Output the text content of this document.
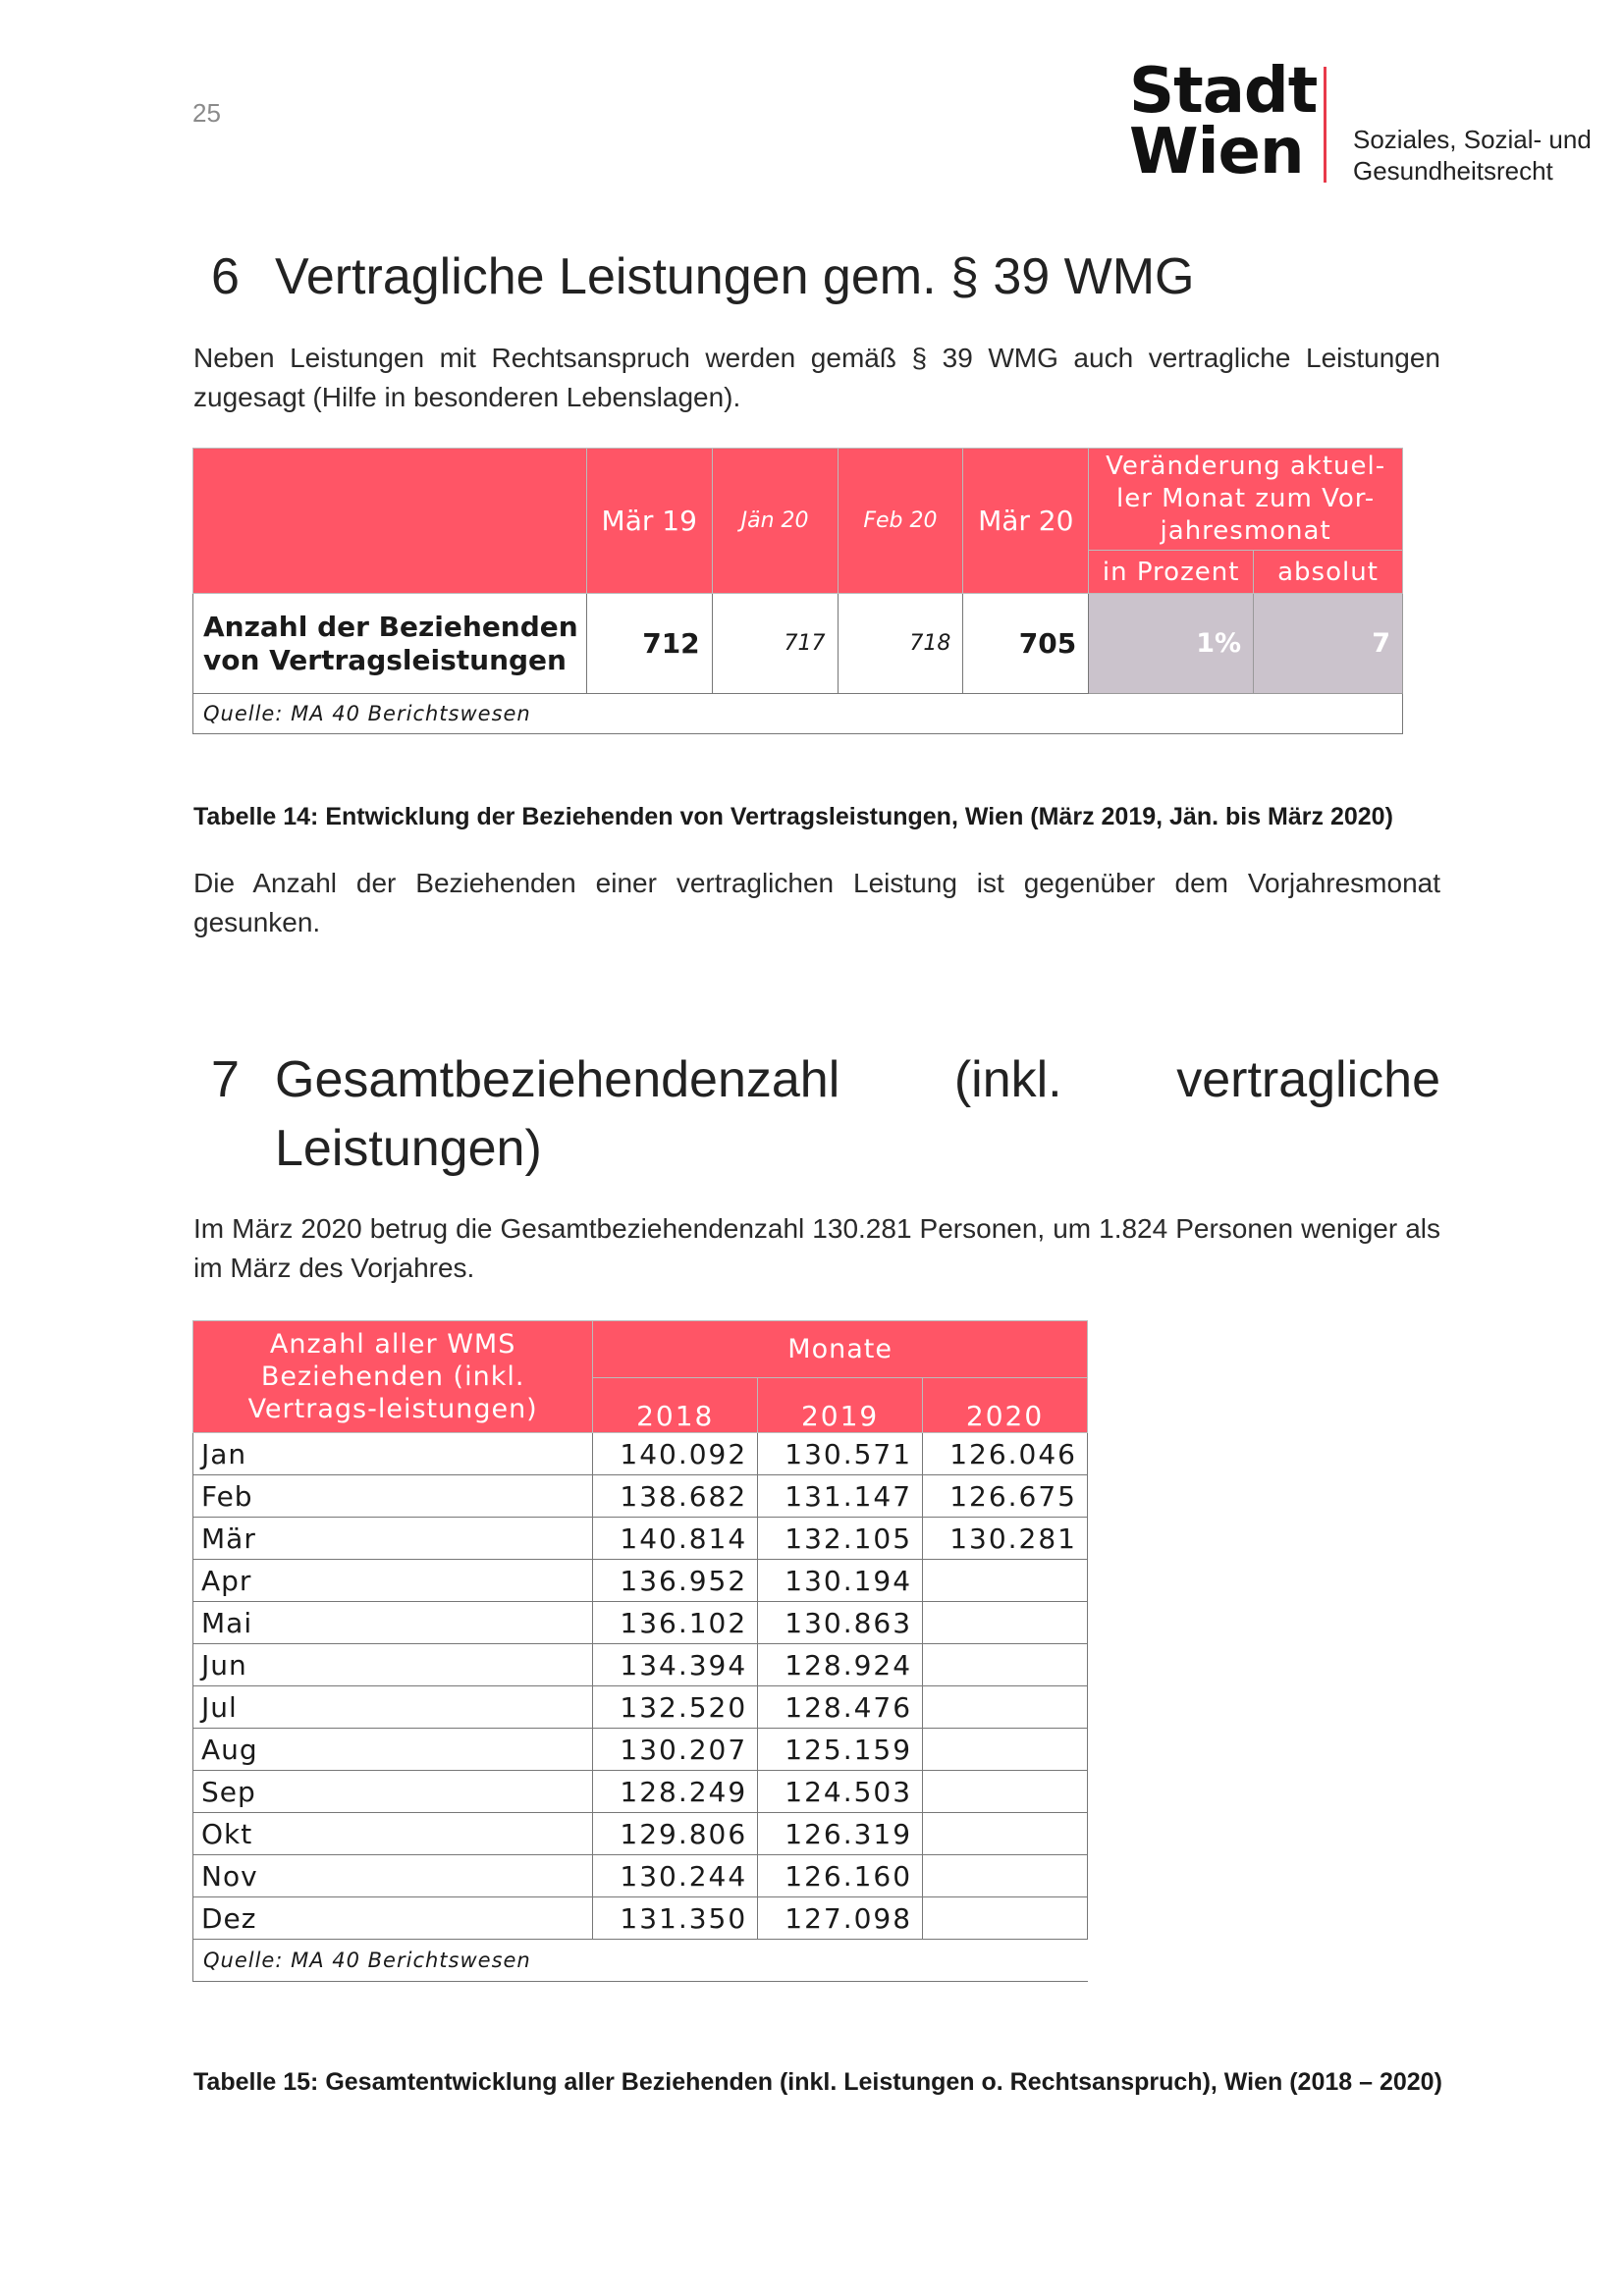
25	Stadt
Wien	Soziales, Sozial- und
Gesundheitsrecht
6 Vertragliche Leistungen gem. § 39 WMG
Neben Leistungen mit Rechtsanspruch werden gemäß § 39 WMG auch vertragliche Leistungen zugesagt (Hilfe in besonderen Lebenslagen).
	Mär 19	Jän 20	Feb 20	Mär 20	Veränderung aktuel-ler Monat zum Vor-jahresmonat	
					in Prozent	absolut
Anzahl der Beziehenden von Vertragsleistungen	712	717	718	705	1%	7
Quelle: MA 40 Berichtswesen						
Tabelle 14: Entwicklung der Beziehenden von Vertragsleistungen, Wien (März 2019, Jän. bis März 2020)
Die Anzahl der Beziehenden einer vertraglichen Leistung ist gegenüber dem Vorjahresmonat gesunken.
7 Gesamtbeziehendenzahl (inkl. vertragliche
Leistungen)
Im März 2020 betrug die Gesamtbeziehendenzahl 130.281 Personen, um 1.824 Personen weniger als im März des Vorjahres.
Anzahl aller WMS Beziehenden (inkl. Vertrags-leistungen)	Monate		
	2018	2019	2020
Jan	140.092	130.571	126.046
Feb	138.682	131.147	126.675
Mär	140.814	132.105	130.281
Apr	136.952	130.194	
Mai	136.102	130.863	
Jun	134.394	128.924	
Jul	132.520	128.476	
Aug	130.207	125.159	
Sep	128.249	124.503	
Okt	129.806	126.319	
Nov	130.244	126.160	
Dez	131.350	127.098	
Quelle: MA 40 Berichtswesen			
Tabelle 15: Gesamtentwicklung aller Beziehenden (inkl. Leistungen o. Rechtsanspruch), Wien (2018 – 2020)
